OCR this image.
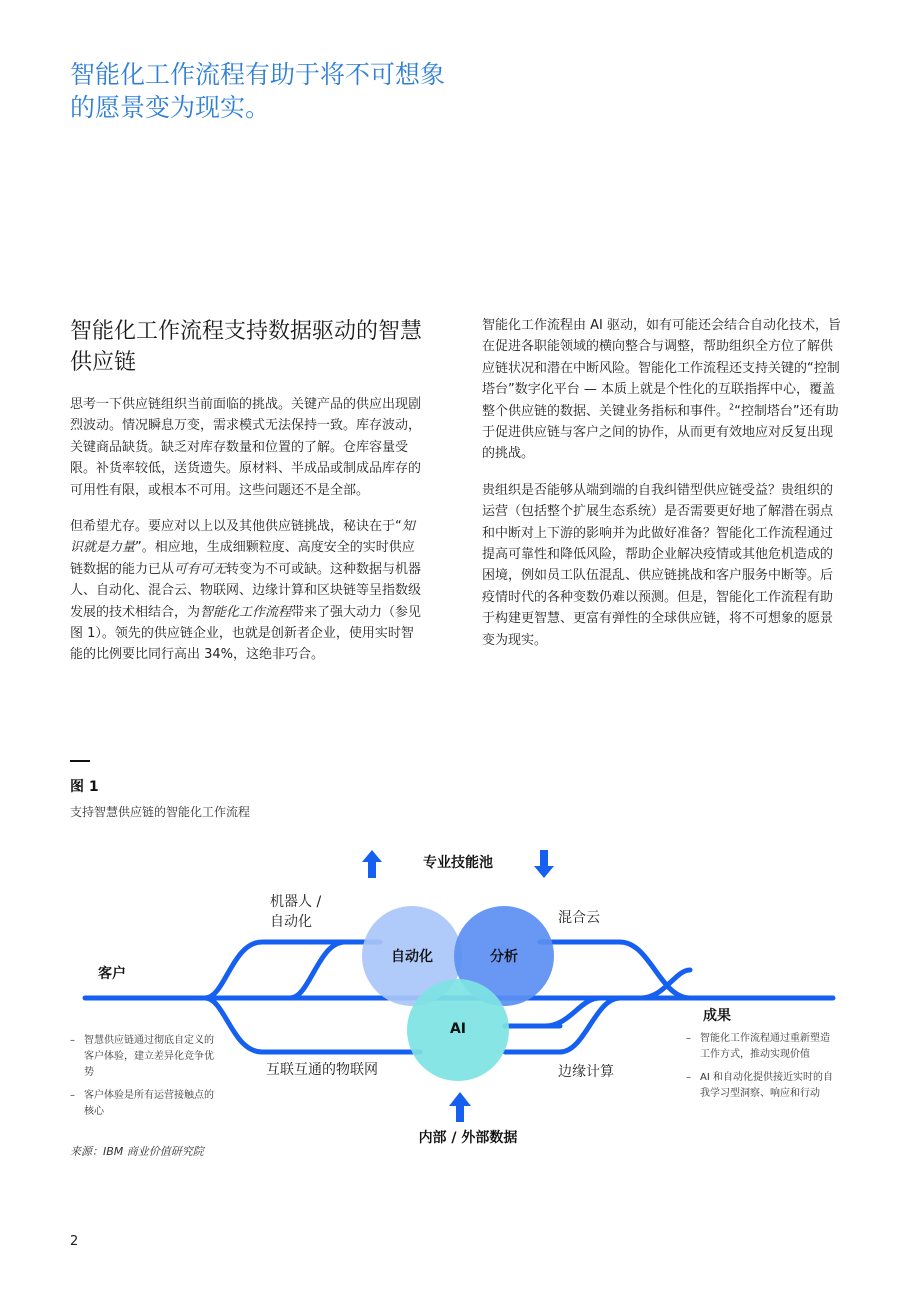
智能化工作流程有助于将不可想象的愿景变为现实。
智能化工作流程支持数据驱动的智慧供应链

思考一下供应链组织当前面临的挑战。关键产品的供应出现剧烈波动。情况瞬息万变，需求模式无法保持一致。库存波动，关键商品缺货。缺乏对库存数量和位置的了解。仓库容量受限。补货率较低，送货遗失。原材料、半成品或制成品库存的可用性有限，或根本不可用。这些问题还不是全部。

但希望尤存。要应对以上以及其他供应链挑战，秘诀在于“知识就是力量”。相应地，生成细颗粒度、高度安全的实时供应链数据的能力已从可有可无转变为不可或缺。这种数据与机器人、自动化、混合云、物联网、边缘计算和区块链等呈指数级发展的技术相结合，为智能化工作流程带来了强大动力（参见图 1）。领先的供应链企业，也就是创新者企业，使用实时智能的比例要比同行高出 34%，这绝非巧合。

智能化工作流程由 AI 驱动，如有可能还会结合自动化技术，旨在促进各职能领域的横向整合与调整，帮助组织全方位了解供应链状况和潜在中断风险。智能化工作流程还支持关键的“控制塔台”数字化平台 — 本质上就是个性化的互联指挥中心，覆盖整个供应链的数据、关键业务指标和事件。$^2$“控制塔台”还有助于促进供应链与客户之间的协作，从而更有效地应对反复出现的挑战。

贵组织是否能够从端到端的自我纠错型供应链受益？贵组织的运营（包括整个扩展生态系统）是否需要更好地了解潜在弱点和中断对上下游的影响并为此做好准备？智能化工作流程通过提高可靠性和降低风险，帮助企业解决疫情或其他危机造成的困境，例如员工队伍混乱、供应链挑战和客户服务中断等。后疫情时代的各种变数仍难以预测。但是，智能化工作流程有助于构建更智慧、更富有弹性的全球供应链，将不可想象的愿景变为现实。

图 1
支持智慧供应链的智能化工作流程
自动化	分析
AI
专业技能池
内部 / 外部数据
机器人 /
自动化	混合云
互联互通的物联网	边缘计算
客户
成果
– 智慧供应链通过彻底自定义的客户体验，建立差异化竞争优势
– 客户体验是所有运营接触点的核心
– 智能化工作流程通过重新塑造工作方式，推动实现价值
– AI 和自动化提供接近实时的自我学习型洞察、响应和行动
来源：IBM 商业价值研究院
2
